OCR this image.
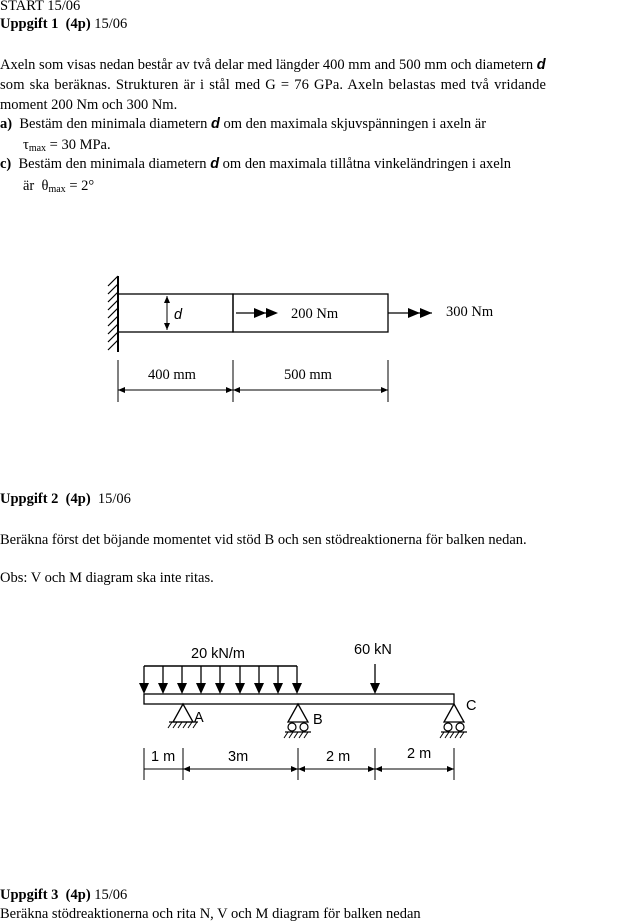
START 15/06
Uppgift 1 (4p) 15/06
Axeln som visas nedan består av två delar med längder 400 mm and 500 mm och diametern d
som ska beräknas. Strukturen är i stål med G = 76 GPa. Axeln belastas med två vridande
moment 200 Nm och 300 Nm.
a) Bestäm den minimala diametern d om den maximala skjuvspänningen i axeln är
$\tau_{max} = 30$ MPa.
c) Bestäm den minimala diametern d om den maximala tillåtna vinkeländringen i axeln
är $\theta_{max} = 2^\circ$
d	200 Nm	300 Nm
400 mm	500 mm
Uppgift 2 (4p) 15/06
Beräkna först det böjande momentet vid stöd B och sen stödreaktionerna för balken nedan.
Obs: V och M diagram ska inte ritas.
20 kN/m	60 kN
A	B
C
1 m	3m	2 m	2 m
Uppgift 3 (4p) 15/06
Beräkna stödreaktionerna och rita N, V och M diagram för balken nedan
